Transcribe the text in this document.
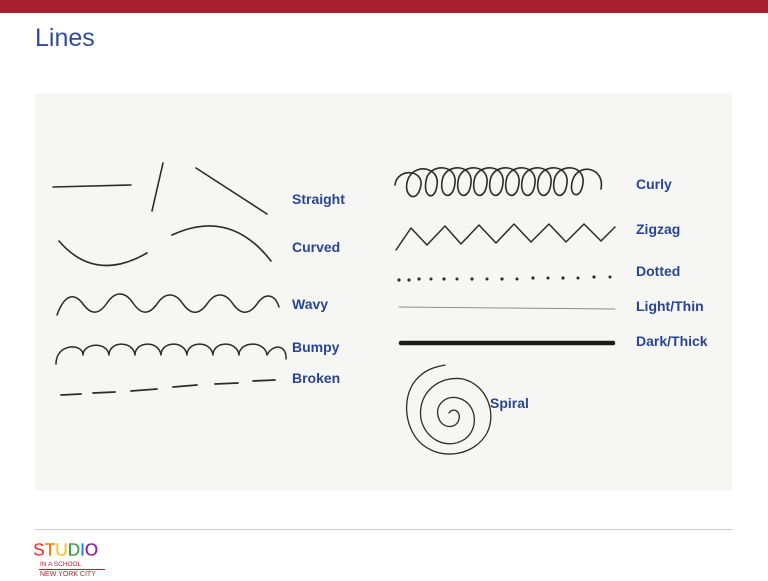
Lines
Straight
Curved
Wavy
Bumpy
Broken
Curly
Zigzag
Dotted
Light/Thin
Dark/Thick
Spiral
STUDIO
IN A SCHOOL
NEW YORK CITY
